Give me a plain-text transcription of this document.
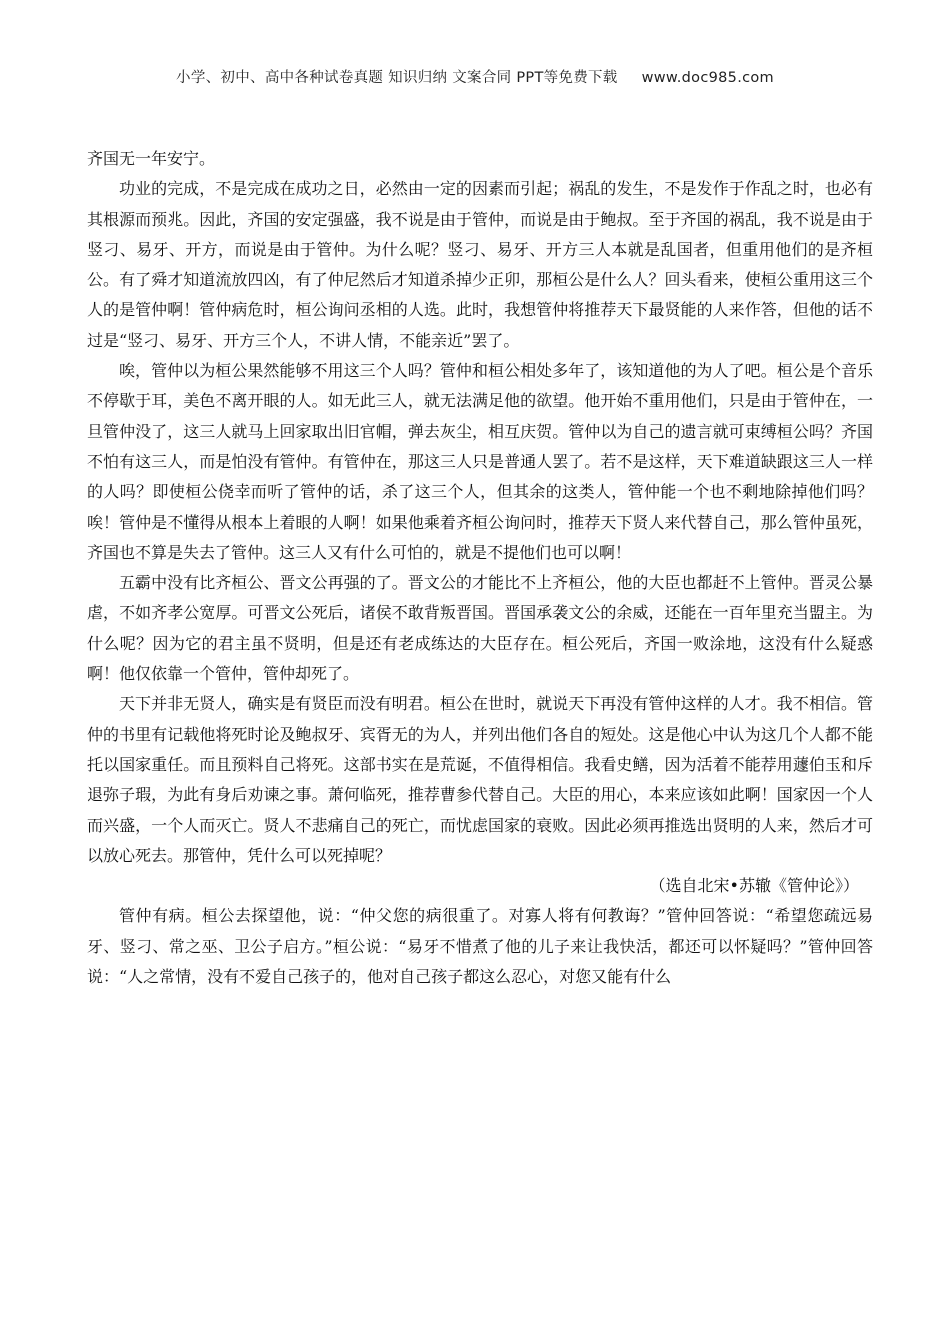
小学、初中、高中各种试卷真题 知识归纳 文案合同 PPT等免费下载 www.doc985.com

齐国无一年安宁。

功业的完成，不是完成在成功之日，必然由一定的因素而引起；祸乱的发生，不是发作于作乱之时，也必有其根源而预兆。因此，齐国的安定强盛，我不说是由于管仲，而说是由于鲍叔。至于齐国的祸乱，我不说是由于竖刁、易牙、开方，而说是由于管仲。为什么呢？竖刁、易牙、开方三人本就是乱国者，但重用他们的是齐桓公。有了舜才知道流放四凶，有了仲尼然后才知道杀掉少正卯，那桓公是什么人？回头看来，使桓公重用这三个人的是管仲啊！管仲病危时，桓公询问丞相的人选。此时，我想管仲将推荐天下最贤能的人来作答，但他的话不过是“竖刁、易牙、开方三个人，不讲人情，不能亲近”罢了。

唉，管仲以为桓公果然能够不用这三个人吗？管仲和桓公相处多年了，该知道他的为人了吧。桓公是个音乐不停歇于耳，美色不离开眼的人。如无此三人，就无法满足他的欲望。他开始不重用他们，只是由于管仲在，一旦管仲没了，这三人就马上回家取出旧官帽，弹去灰尘，相互庆贺。管仲以为自己的遗言就可束缚桓公吗？齐国不怕有这三人，而是怕没有管仲。有管仲在，那这三人只是普通人罢了。若不是这样，天下难道缺跟这三人一样的人吗？即使桓公侥幸而听了管仲的话，杀了这三个人，但其余的这类人，管仲能一个也不剩地除掉他们吗？唉！管仲是不懂得从根本上着眼的人啊！如果他乘着齐桓公询问时，推荐天下贤人来代替自己，那么管仲虽死，齐国也不算是失去了管仲。这三人又有什么可怕的，就是不提他们也可以啊！

五霸中没有比齐桓公、晋文公再强的了。晋文公的才能比不上齐桓公，他的大臣也都赶不上管仲。晋灵公暴虐，不如齐孝公宽厚。可晋文公死后，诸侯不敢背叛晋国。晋国承袭文公的余威，还能在一百年里充当盟主。为什么呢？因为它的君主虽不贤明，但是还有老成练达的大臣存在。桓公死后，齐国一败涂地，这没有什么疑惑啊！他仅依靠一个管仲，管仲却死了。

天下并非无贤人，确实是有贤臣而没有明君。桓公在世时，就说天下再没有管仲这样的人才。我不相信。管仲的书里有记载他将死时论及鲍叔牙、宾胥无的为人，并列出他们各自的短处。这是他心中认为这几个人都不能托以国家重任。而且预料自己将死。这部书实在是荒诞，不值得相信。我看史鳝，因为活着不能荐用蘧伯玉和斥退弥子瑕，为此有身后劝谏之事。萧何临死，推荐曹参代替自己。大臣的用心，本来应该如此啊！国家因一个人而兴盛，一个人而灭亡。贤人不悲痛自己的死亡，而忧虑国家的衰败。因此必须再推选出贤明的人来，然后才可以放心死去。那管仲，凭什么可以死掉呢？

（选自北宋•苏辙《管仲论》）

管仲有病。桓公去探望他，说：“仲父您的病很重了。对寡人将有何教诲？”管仲回答说：“希望您疏远易牙、竖刁、常之巫、卫公子启方。”桓公说：“易牙不惜煮了他的儿子来让我快活，都还可以怀疑吗？”管仲回答说：“人之常情，没有不爱自己孩子的，他对自己孩子都这么忍心，对您又能有什么
